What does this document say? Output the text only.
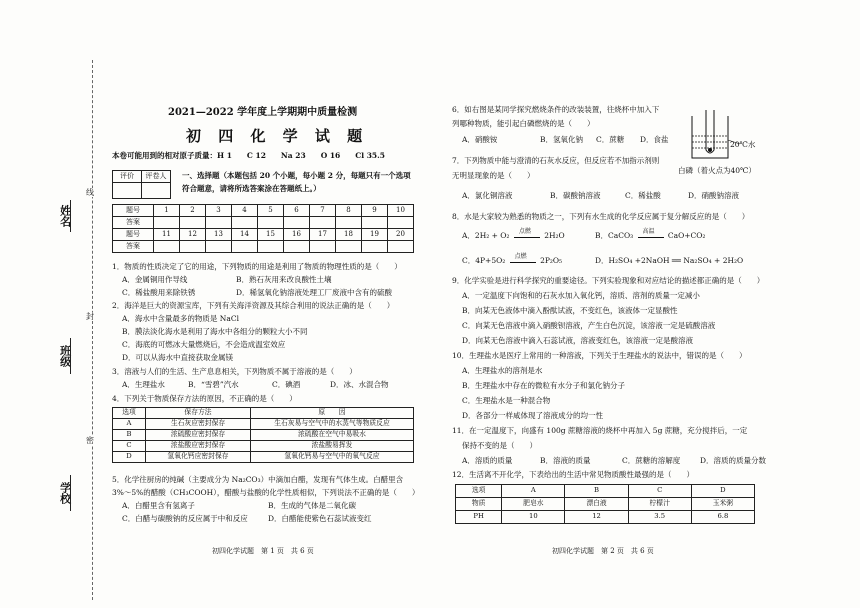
姓名
班级
学校
线
封
密
2021—2022 学年度上学期期中质量检测
初 四 化 学 试 题
本卷可能用到的相对原子质量：H 1　　C 12　　Na 23　　O 16　　Cl 35.5
评价	评卷人
	一、选择题（本题包括 20 个小题，每小题 2 分，每题只有一个选项
符合题意，请将所选答案涂在答题纸上。）
题号	1	2	3	4	5	6	7	8	9	10
答案										
题号	11	12	13	14	15	16	17	18	19	20
答案										
1．物质的性质决定了它的用途，下列物质的用途是利用了物质的物理性质的是（　　）
A．金属铜用作导线	B．熟石灰用来改良酸性土壤
C．稀盐酸用来除铁锈	D．稀氢氧化钠溶液处理工厂废液中含有的硫酸
2．海洋是巨大的资源宝库，下列有关海洋资源及其综合利用的说法正确的是（　　）
A．海水中含量最多的物质是 NaCl
B．膜法淡化海水是利用了海水中各组分的颗粒大小不同
C．海底的可燃冰大量燃烧后，不会造成温室效应
D．可以从海水中直接获取金属镁
3．溶液与人们的生活、生产息息相关，下列物质不属于溶液的是（　　）
A．生理盐水	B．“雪碧”汽水	C．碘酒	D．冰、水混合物
4．下列关于物质保存方法的原因，不正确的是（　　）
选项	保存方法	原　　因
A	生石灰应密封保存	生石灰易与空气中的水蒸气等物质反应
B	浓硫酸应密封保存	浓硫酸在空气中易吸水
C	浓盐酸应密封保存	浓盐酸易挥发
D	氢氧化钙应密封保存	氢氧化钙易与空气中的氧气反应
5．化学往厨房的纯碱（主要成分为 Na₂CO₃）中滴加白醋，发现有气体生成。白醋里含
3%～5%的醋酸（CH₃COOH），醋酸与盐酸的化学性质相似，下列说法不正确的是（　　）
A．白醋里含有氢离子	B．生成的气体是二氧化碳
C．白醋与碳酸钠的反应属于中和反应	D．白醋能使紫色石蕊试液变红
初四化学试题　第 1 页　共 6 页
6．如右图是某同学探究燃烧条件的改装装置，往烧杯中加入下
列哪种物质，能引起白磷燃烧的是（　　）
A．硝酸铵	B．氢氧化钠 C．蔗糖 D．食盐
20℃水
白磷（着火点为40℃）
7．下列物质中能与澄清的石灰水反应，但反应若不加指示剂则
无明显现象的是（　　）
A．氯化铜溶液	B．碳酸钠溶液	C．稀盐酸	D．硝酸钠溶液
8．水是大家较为熟悉的物质之一，下列有水生成的化学反应属于复分解反应的是（　　）
A．2H₂ + O₂ 点燃 2H₂O	B．CaCO₃ 高温 CaO+CO₂
C．4P+5O₂ 点燃 2P₂O₅	D．H₂SO₄ +2NaOH ══ Na₂SO₄ + 2H₂O
9．化学实验是进行科学探究的重要途径。下列实验现象和对应结论的描述都正确的是（　　）
A．一定温度下向饱和的石灰水加入氧化钙，溶质、溶剂的质量一定减小
B．向某无色液体中滴入酚酞试液，不变红色，该液体一定显酸性
C．向某无色溶液中滴入硝酸钡溶液，产生白色沉淀，该溶液一定是硫酸溶液
D．向某无色溶液中滴入石蕊试液，溶液变红色，该溶液一定是酸溶液
10．生理盐水是医疗上常用的一种溶液，下列关于生理盐水的说法中，错误的是（　　）
A．生理盐水的溶剂是水
B．生理盐水中存在的微粒有水分子和氯化钠分子
C．生理盐水是一种混合物
D．各部分一样咸体现了溶液成分的均一性
11．在一定温度下，向盛有 100g 蔗糖溶液的烧杯中再加入 5g 蔗糖，充分搅拌后，一定
保持不变的是（　　）
A．溶质的质量	B．溶液的质量	C．蔗糖的溶解度	D．溶质的质量分数
12．生活离不开化学，下表给出的生活中常见物质酸性最强的是（　　）
选项	A	B	C	D
物质	肥皂水	漂白液	柠檬汁	玉米粥
PH	10	12	3.5	6.8
初四化学试题　第 2 页　共 6 页
